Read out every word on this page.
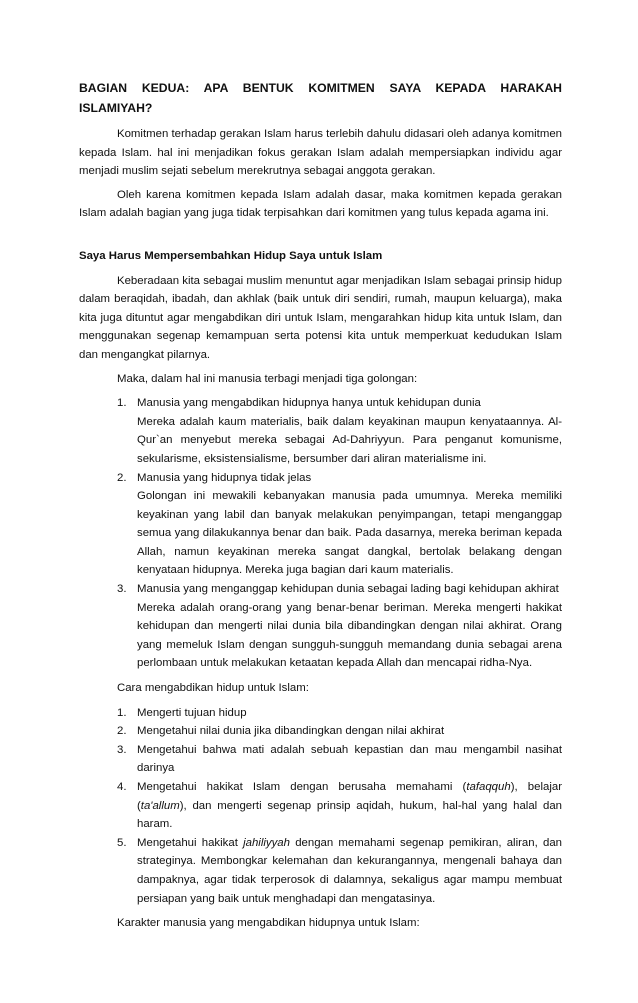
BAGIAN KEDUA: APA BENTUK KOMITMEN SAYA KEPADA HARAKAH ISLAMIYAH?

Komitmen terhadap gerakan Islam harus terlebih dahulu didasari oleh adanya komitmen kepada Islam. hal ini menjadikan fokus gerakan Islam adalah mempersiapkan individu agar menjadi muslim sejati sebelum merekrutnya sebagai anggota gerakan.

Oleh karena komitmen kepada Islam adalah dasar, maka komitmen kepada gerakan Islam adalah bagian yang juga tidak terpisahkan dari komitmen yang tulus kepada agama ini.

Saya Harus Mempersembahkan Hidup Saya untuk Islam

Keberadaan kita sebagai muslim menuntut agar menjadikan Islam sebagai prinsip hidup dalam beraqidah, ibadah, dan akhlak (baik untuk diri sendiri, rumah, maupun keluarga), maka kita juga dituntut agar mengabdikan diri untuk Islam, mengarahkan hidup kita untuk Islam, dan menggunakan segenap kemampuan serta potensi kita untuk memperkuat kedudukan Islam dan mengangkat pilarnya.

Maka, dalam hal ini manusia terbagi menjadi tiga golongan:
1. Manusia yang mengabdikan hidupnya hanya untuk kehidupan dunia
Mereka adalah kaum materialis, baik dalam keyakinan maupun kenyataannya. Al-Qur`an menyebut mereka sebagai Ad-Dahriyyun. Para penganut komunisme, sekularisme, eksistensialisme, bersumber dari aliran materialisme ini.
2. Manusia yang hidupnya tidak jelas
Golongan ini mewakili kebanyakan manusia pada umumnya. Mereka memiliki keyakinan yang labil dan banyak melakukan penyimpangan, tetapi menganggap semua yang dilakukannya benar dan baik. Pada dasarnya, mereka beriman kepada Allah, namun keyakinan mereka sangat dangkal, bertolak belakang dengan kenyataan hidupnya. Mereka juga bagian dari kaum materialis.
3. Manusia yang menganggap kehidupan dunia sebagai lading bagi kehidupan akhirat
Mereka adalah orang-orang yang benar-benar beriman. Mereka mengerti hakikat kehidupan dan mengerti nilai dunia bila dibandingkan dengan nilai akhirat. Orang yang memeluk Islam dengan sungguh-sungguh memandang dunia sebagai arena perlombaan untuk melakukan ketaatan kepada Allah dan mencapai ridha-Nya.
Cara mengabdikan hidup untuk Islam:
1. Mengerti tujuan hidup
2. Mengetahui nilai dunia jika dibandingkan dengan nilai akhirat
3. Mengetahui bahwa mati adalah sebuah kepastian dan mau mengambil nasihat darinya
4. Mengetahui hakikat Islam dengan berusaha memahami (tafaqquh), belajar (ta'allum), dan mengerti segenap prinsip aqidah, hukum, hal-hal yang halal dan haram.
5. Mengetahui hakikat jahiliyyah dengan memahami segenap pemikiran, aliran, dan strateginya. Membongkar kelemahan dan kekurangannya, mengenali bahaya dan dampaknya, agar tidak terperosok di dalamnya, sekaligus agar mampu membuat persiapan yang baik untuk menghadapi dan mengatasinya.
Karakter manusia yang mengabdikan hidupnya untuk Islam:
